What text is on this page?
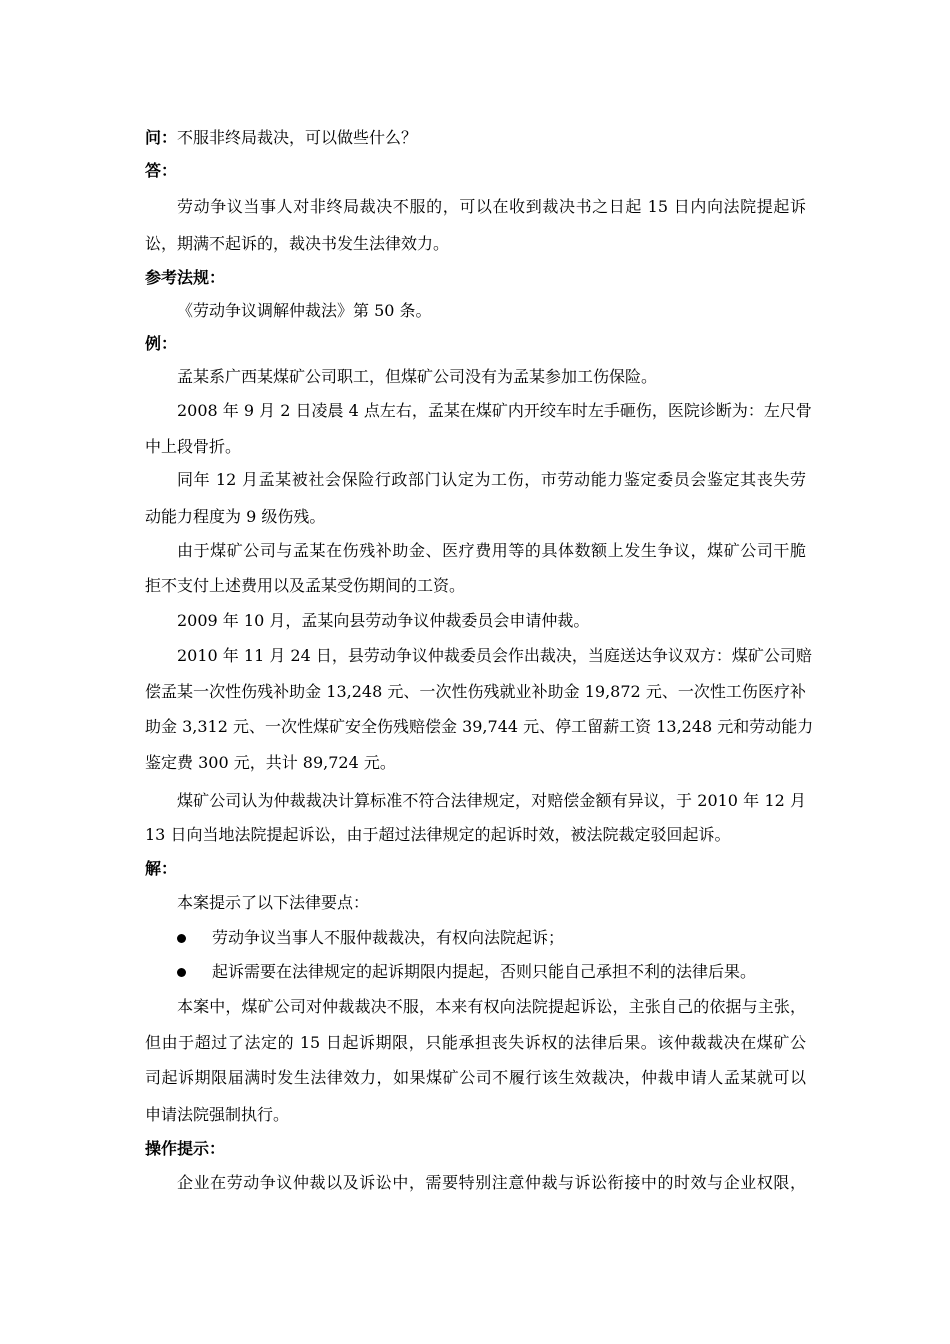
问：不服非终局裁决，可以做些什么？
答：
劳动争议当事人对非终局裁决不服的，可以在收到裁决书之日起 15 日内向法院提起诉
讼，期满不起诉的，裁决书发生法律效力。
参考法规：
《劳动争议调解仲裁法》第 50 条。
例：
孟某系广西某煤矿公司职工，但煤矿公司没有为孟某参加工伤保险。
2008 年 9 月 2 日凌晨 4 点左右，孟某在煤矿内开绞车时左手砸伤，医院诊断为：左尺骨
中上段骨折。
同年 12 月孟某被社会保险行政部门认定为工伤，市劳动能力鉴定委员会鉴定其丧失劳
动能力程度为 9 级伤残。
由于煤矿公司与孟某在伤残补助金、医疗费用等的具体数额上发生争议，煤矿公司干脆
拒不支付上述费用以及孟某受伤期间的工资。
2009 年 10 月，孟某向县劳动争议仲裁委员会申请仲裁。
2010 年 11 月 24 日，县劳动争议仲裁委员会作出裁决，当庭送达争议双方：煤矿公司赔
偿孟某一次性伤残补助金 13,248 元、一次性伤残就业补助金 19,872 元、一次性工伤医疗补
助金 3,312 元、一次性煤矿安全伤残赔偿金 39,744 元、停工留薪工资 13,248 元和劳动能力
鉴定费 300 元，共计 89,724 元。
煤矿公司认为仲裁裁决计算标准不符合法律规定，对赔偿金额有异议，于 2010 年 12 月
13 日向当地法院提起诉讼，由于超过法律规定的起诉时效，被法院裁定驳回起诉。
解：
本案提示了以下法律要点：
劳动争议当事人不服仲裁裁决，有权向法院起诉；
起诉需要在法律规定的起诉期限内提起，否则只能自己承担不利的法律后果。
本案中，煤矿公司对仲裁裁决不服，本来有权向法院提起诉讼，主张自己的依据与主张，
但由于超过了法定的 15 日起诉期限，只能承担丧失诉权的法律后果。该仲裁裁决在煤矿公
司起诉期限届满时发生法律效力，如果煤矿公司不履行该生效裁决，仲裁申请人孟某就可以
申请法院强制执行。
操作提示：
企业在劳动争议仲裁以及诉讼中，需要特别注意仲裁与诉讼衔接中的时效与企业权限，
